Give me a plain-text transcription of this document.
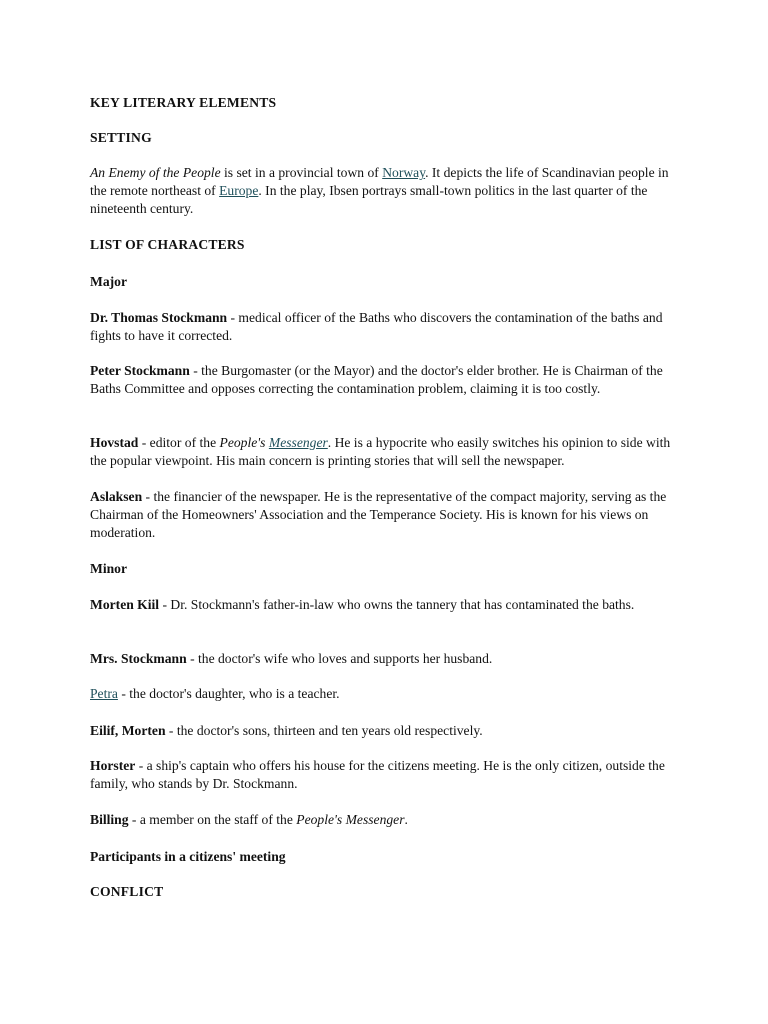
KEY LITERARY ELEMENTS

SETTING

An Enemy of the People is set in a provincial town of Norway. It depicts the life of Scandinavian people in the remote northeast of Europe. In the play, Ibsen portrays small-town politics in the last quarter of the nineteenth century.

LIST OF CHARACTERS

Major

Dr. Thomas Stockmann - medical officer of the Baths who discovers the contamination of the baths and fights to have it corrected.

Peter Stockmann - the Burgomaster (or the Mayor) and the doctor's elder brother. He is Chairman of the Baths Committee and opposes correcting the contamination problem, claiming it is too costly.

Hovstad - editor of the People's Messenger. He is a hypocrite who easily switches his opinion to side with the popular viewpoint. His main concern is printing stories that will sell the newspaper.

Aslaksen - the financier of the newspaper. He is the representative of the compact majority, serving as the Chairman of the Homeowners' Association and the Temperance Society. His is known for his views on moderation.

Minor

Morten Kiil - Dr. Stockmann's father-in-law who owns the tannery that has contaminated the baths.

Mrs. Stockmann - the doctor's wife who loves and supports her husband.

Petra - the doctor's daughter, who is a teacher.

Eilif, Morten - the doctor's sons, thirteen and ten years old respectively.

Horster - a ship's captain who offers his house for the citizens meeting. He is the only citizen, outside the family, who stands by Dr. Stockmann.

Billing - a member on the staff of the People's Messenger.

Participants in a citizens' meeting

CONFLICT
